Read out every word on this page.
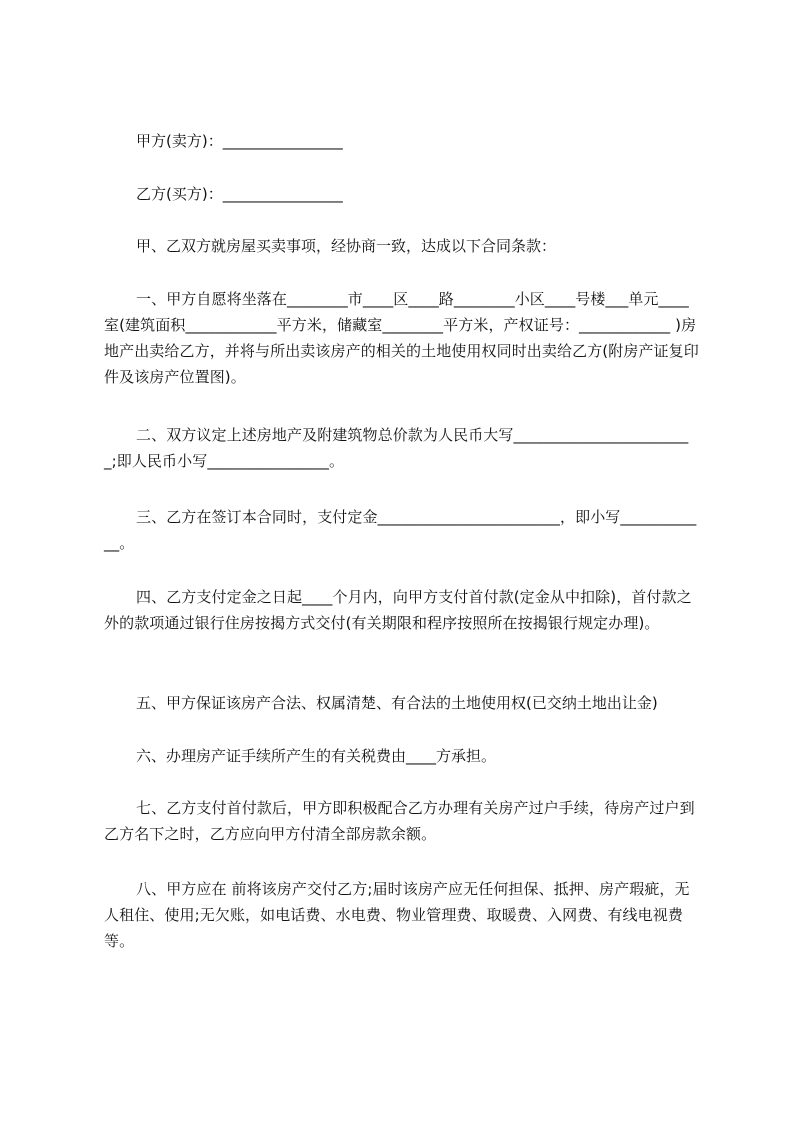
甲方(卖方)：________________
乙方(买方)：________________
甲、乙双方就房屋买卖事项，经协商一致，达成以下合同条款：
一、甲方自愿将坐落在________市____区____路________小区____号楼___单元____室(建筑面积____________平方米，储藏室________平方米，产权证号：____________ )房地产出卖给乙方，并将与所出卖该房产的相关的土地使用权同时出卖给乙方(附房产证复印件及该房产位置图)。
二、双方议定上述房地产及附建筑物总价款为人民币大写________________________;即人民币小写________________。
三、乙方在签订本合同时，支付定金________________________，即小写____________。
四、乙方支付定金之日起____个月内，向甲方支付首付款(定金从中扣除)，首付款之外的款项通过银行住房按揭方式交付(有关期限和程序按照所在按揭银行规定办理)。
五、甲方保证该房产合法、权属清楚、有合法的土地使用权(已交纳土地出让金)
六、办理房产证手续所产生的有关税费由____方承担。
七、乙方支付首付款后，甲方即积极配合乙方办理有关房产过户手续，待房产过户到乙方名下之时，乙方应向甲方付清全部房款余额。
八、甲方应在 前将该房产交付乙方;届时该房产应无任何担保、抵押、房产瑕疵，无人租住、使用;无欠账，如电话费、水电费、物业管理费、取暖费、入网费、有线电视费等。
